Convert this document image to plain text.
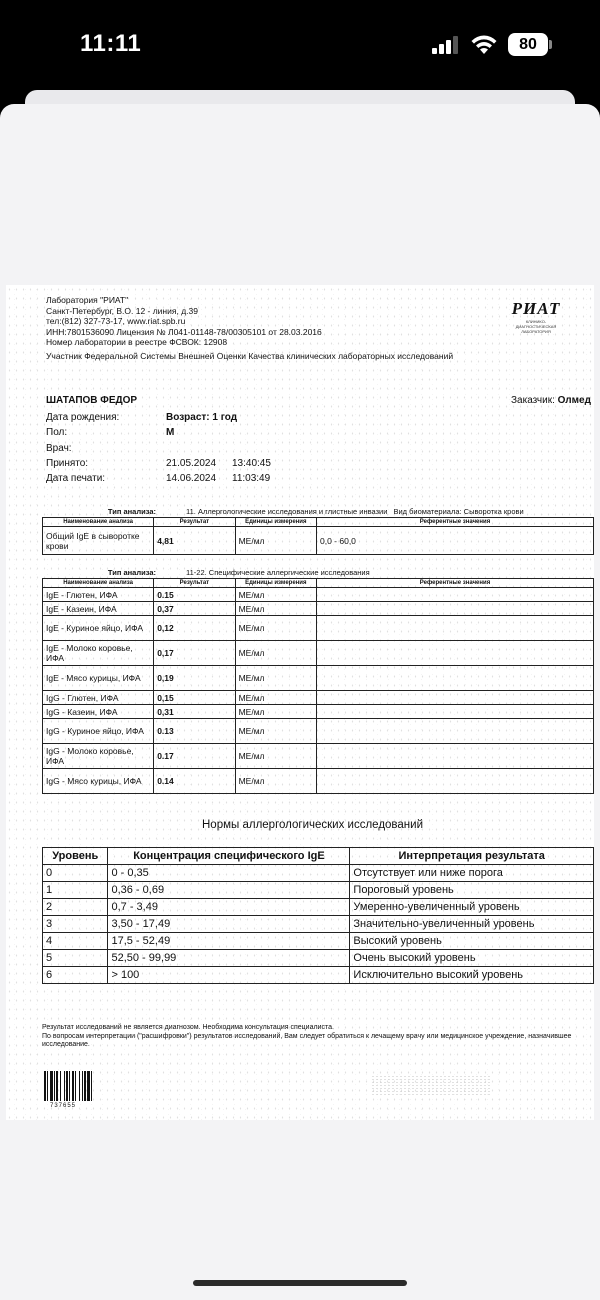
11:11	80
Лаборатория "РИАТ"
Санкт-Петербург, В.О. 12 - линия, д.39
тел:(812) 327-73-17, www.riat.spb.ru
ИНН:7801536090 Лицензия № Л041-01148-78/00305101 от 28.03.2016
Номер лаборатории в реестре ФСВОК: 12908
Участник Федеральной Системы Внешней Оценки Качества клинических лабораторных исследований
РИАТ
КЛИНИКО-ДИАГНОСТИЧЕСКАЯ ЛАБОРАТОРИЯ
ШАТАПОВ ФЕДОР	Заказчик: Олмед
Дата рождения:	Возраст: 1 год
Пол:	М
Врач:
Принято:	21.05.2024	13:40:45
Дата печати:	14.06.2024	11:03:49
Тип анализа:	11. Аллергологические исследования и глистные инвазии Вид биоматериала: Сыворотка крови
Наименование анализа	Результат	Единицы измерения	Референтные значения
Общий IgE в сыворотке крови	4,81	МЕ/мл	0,0 - 60,0
Тип анализа:	11-22. Специфические аллергические исследования
Наименование анализа	Результат	Единицы измерения	Референтные значения
IgE - Глютен, ИФА	0.15	МЕ/мл	
IgE - Казеин, ИФА	0,37	МЕ/мл	
IgE - Куриное яйцо, ИФА	0,12	МЕ/мл	
IgE - Молоко коровье, ИФА	0,17	МЕ/мл	
IgE - Мясо курицы, ИФА	0,19	МЕ/мл	
IgG - Глютен, ИФА	0,15	МЕ/мл	
IgG - Казеин, ИФА	0,31	МЕ/мл	
IgG - Куриное яйцо, ИФА	0.13	МЕ/мл	
IgG - Молоко коровье, ИФА	0.17	МЕ/мл	
IgG - Мясо курицы, ИФА	0.14	МЕ/мл	
Нормы аллергологических исследований
Уровень	Концентрация специфического IgE	Интерпретация результата
0	0 - 0,35	Отсутствует или ниже порога
1	0,36 - 0,69	Пороговый уровень
2	0,7 - 3,49	Умеренно-увеличенный уровень
3	3,50 - 17,49	Значительно-увеличенный уровень
4	17,5 - 52,49	Высокий уровень
5	52,50 - 99,99	Очень высокий уровень
6	> 100	Исключительно высокий уровень
Результат исследований не является диагнозом. Необходима консультация специалиста.
По вопросам интерпретации ("расшифровки") результатов исследований, Вам следует обратиться к лечащему врачу или медицинское учреждение, назначившее исследование.
737655
